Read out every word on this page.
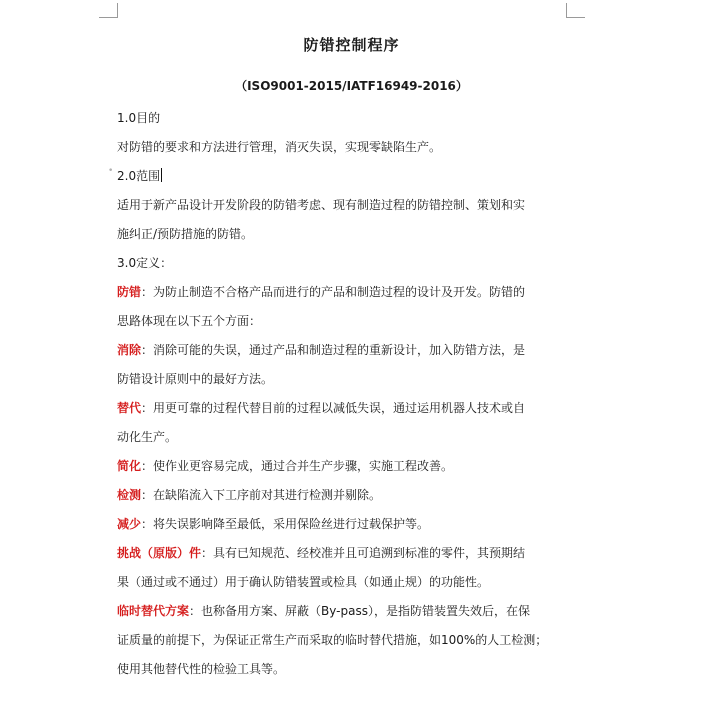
防错控制程序
（ISO9001-2015/IATF16949-2016）
•
1.0目的
对防错的要求和方法进行管理，消灭失误，实现零缺陷生产。
2.0范围
适用于新产品设计开发阶段的防错考虑、现有制造过程的防错控制、策划和实
施纠正/预防措施的防错。
3.0定义：
防错：为防止制造不合格产品而进行的产品和制造过程的设计及开发。防错的
思路体现在以下五个方面：
消除：消除可能的失误，通过产品和制造过程的重新设计，加入防错方法，是
防错设计原则中的最好方法。
替代：用更可靠的过程代替目前的过程以减低失误，通过运用机器人技术或自
动化生产。
简化：使作业更容易完成，通过合并生产步骤，实施工程改善。
检测：在缺陷流入下工序前对其进行检测并剔除。
减少：将失误影响降至最低，采用保险丝进行过载保护等。
挑战（原版）件：具有已知规范、经校准并且可追溯到标准的零件，其预期结
果（通过或不通过）用于确认防错装置或检具（如通止规）的功能性。
临时替代方案：也称备用方案、屏蔽（By-pass），是指防错装置失效后，在保
证质量的前提下，为保证正常生产而采取的临时替代措施，如100%的人工检测；
使用其他替代性的检验工具等。
